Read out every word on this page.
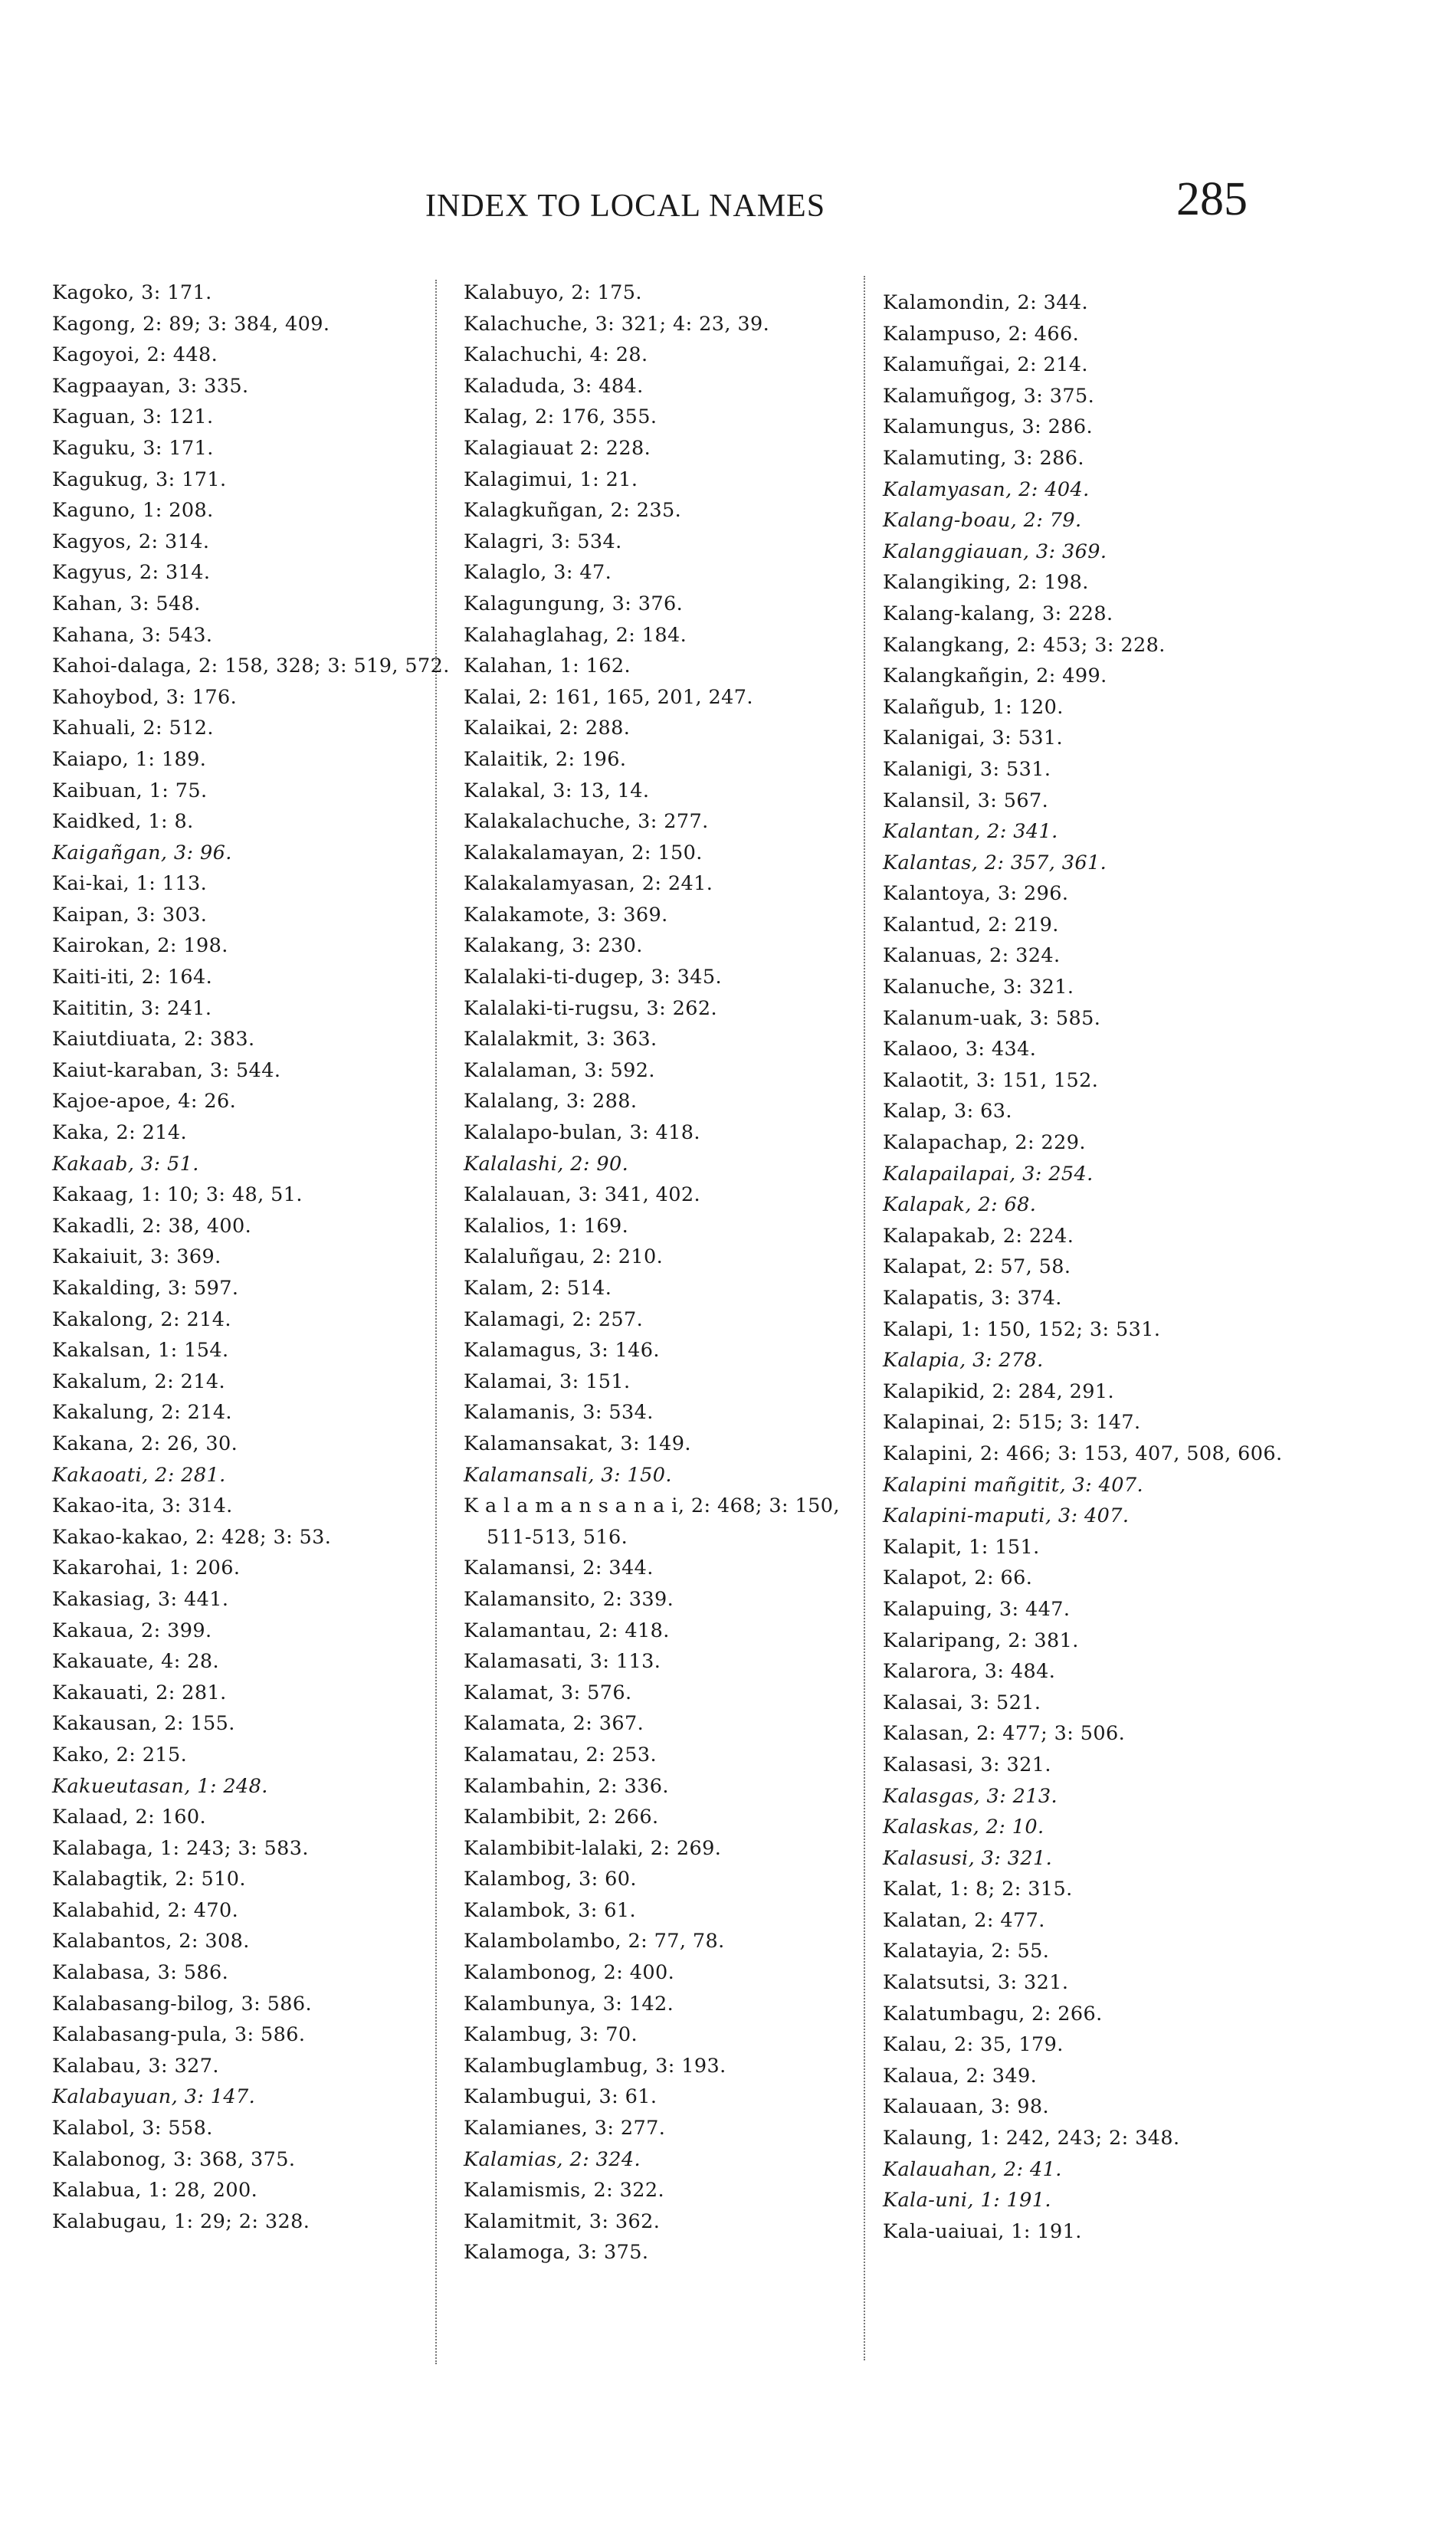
INDEX TO LOCAL NAMES	285
Kagoko, 3: 171.
Kagong, 2: 89; 3: 384, 409.
Kagoyoi, 2: 448.
Kagpaayan, 3: 335.
Kaguan, 3: 121.
Kaguku, 3: 171.
Kagukug, 3: 171.
Kaguno, 1: 208.
Kagyos, 2: 314.
Kagyus, 2: 314.
Kahan, 3: 548.
Kahana, 3: 543.
Kahoi-dalaga, 2: 158, 328; 3: 519, 572.
Kahoybod, 3: 176.
Kahuali, 2: 512.
Kaiapo, 1: 189.
Kaibuan, 1: 75.
Kaidked, 1: 8.
Kaigañgan, 3: 96.
Kai-kai, 1: 113.
Kaipan, 3: 303.
Kairokan, 2: 198.
Kaiti-iti, 2: 164.
Kaititin, 3: 241.
Kaiutdiuata, 2: 383.
Kaiut-karaban, 3: 544.
Kajoe-apoe, 4: 26.
Kaka, 2: 214.
Kakaab, 3: 51.
Kakaag, 1: 10; 3: 48, 51.
Kakadli, 2: 38, 400.
Kakaiuit, 3: 369.
Kakalding, 3: 597.
Kakalong, 2: 214.
Kakalsan, 1: 154.
Kakalum, 2: 214.
Kakalung, 2: 214.
Kakana, 2: 26, 30.
Kakaoati, 2: 281.
Kakao-ita, 3: 314.
Kakao-kakao, 2: 428; 3: 53.
Kakarohai, 1: 206.
Kakasiag, 3: 441.
Kakaua, 2: 399.
Kakauate, 4: 28.
Kakauati, 2: 281.
Kakausan, 2: 155.
Kako, 2: 215.
Kakueutasan, 1: 248.
Kalaad, 2: 160.
Kalabaga, 1: 243; 3: 583.
Kalabagtik, 2: 510.
Kalabahid, 2: 470.
Kalabantos, 2: 308.
Kalabasa, 3: 586.
Kalabasang-bilog, 3: 586.
Kalabasang-pula, 3: 586.
Kalabau, 3: 327.
Kalabayuan, 3: 147.
Kalabol, 3: 558.
Kalabonog, 3: 368, 375.
Kalabua, 1: 28, 200.
Kalabugau, 1: 29; 2: 328.
Kalabuyo, 2: 175.
Kalachuche, 3: 321; 4: 23, 39.
Kalachuchi, 4: 28.
Kaladuda, 3: 484.
Kalag, 2: 176, 355.
Kalagiauat 2: 228.
Kalagimui, 1: 21.
Kalagkuñgan, 2: 235.
Kalagri, 3: 534.
Kalaglo, 3: 47.
Kalagungung, 3: 376.
Kalahaglahag, 2: 184.
Kalahan, 1: 162.
Kalai, 2: 161, 165, 201, 247.
Kalaikai, 2: 288.
Kalaitik, 2: 196.
Kalakal, 3: 13, 14.
Kalakalachuche, 3: 277.
Kalakalamayan, 2: 150.
Kalakalamyasan, 2: 241.
Kalakamote, 3: 369.
Kalakang, 3: 230.
Kalalaki-ti-dugep, 3: 345.
Kalalaki-ti-rugsu, 3: 262.
Kalalakmit, 3: 363.
Kalalaman, 3: 592.
Kalalang, 3: 288.
Kalalapo-bulan, 3: 418.
Kalalashi, 2: 90.
Kalalauan, 3: 341, 402.
Kalalios, 1: 169.
Kalaluñgau, 2: 210.
Kalam, 2: 514.
Kalamagi, 2: 257.
Kalamagus, 3: 146.
Kalamai, 3: 151.
Kalamanis, 3: 534.
Kalamansakat, 3: 149.
Kalamansali, 3: 150.
K a l a m a n s a n a i, 2: 468; 3: 150, 511-513, 516.
Kalamansi, 2: 344.
Kalamansito, 2: 339.
Kalamantau, 2: 418.
Kalamasati, 3: 113.
Kalamat, 3: 576.
Kalamata, 2: 367.
Kalamatau, 2: 253.
Kalambahin, 2: 336.
Kalambibit, 2: 266.
Kalambibit-lalaki, 2: 269.
Kalambog, 3: 60.
Kalambok, 3: 61.
Kalambolambo, 2: 77, 78.
Kalambonog, 2: 400.
Kalambunya, 3: 142.
Kalambug, 3: 70.
Kalambuglambug, 3: 193.
Kalambugui, 3: 61.
Kalamianes, 3: 277.
Kalamias, 2: 324.
Kalamismis, 2: 322.
Kalamitmit, 3: 362.
Kalamoga, 3: 375.
Kalamondin, 2: 344.
Kalampuso, 2: 466.
Kalamuñgai, 2: 214.
Kalamuñgog, 3: 375.
Kalamungus, 3: 286.
Kalamuting, 3: 286.
Kalamyasan, 2: 404.
Kalang-boau, 2: 79.
Kalanggiauan, 3: 369.
Kalangiking, 2: 198.
Kalang-kalang, 3: 228.
Kalangkang, 2: 453; 3: 228.
Kalangkañgin, 2: 499.
Kalañgub, 1: 120.
Kalanigai, 3: 531.
Kalanigi, 3: 531.
Kalansil, 3: 567.
Kalantan, 2: 341.
Kalantas, 2: 357, 361.
Kalantoya, 3: 296.
Kalantud, 2: 219.
Kalanuas, 2: 324.
Kalanuche, 3: 321.
Kalanum-uak, 3: 585.
Kalaoo, 3: 434.
Kalaotit, 3: 151, 152.
Kalap, 3: 63.
Kalapachap, 2: 229.
Kalapailapai, 3: 254.
Kalapak, 2: 68.
Kalapakab, 2: 224.
Kalapat, 2: 57, 58.
Kalapatis, 3: 374.
Kalapi, 1: 150, 152; 3: 531.
Kalapia, 3: 278.
Kalapikid, 2: 284, 291.
Kalapinai, 2: 515; 3: 147.
Kalapini, 2: 466; 3: 153, 407, 508, 606.
Kalapini mañgitit, 3: 407.
Kalapini-maputi, 3: 407.
Kalapit, 1: 151.
Kalapot, 2: 66.
Kalapuing, 3: 447.
Kalaripang, 2: 381.
Kalarora, 3: 484.
Kalasai, 3: 521.
Kalasan, 2: 477; 3: 506.
Kalasasi, 3: 321.
Kalasgas, 3: 213.
Kalaskas, 2: 10.
Kalasusi, 3: 321.
Kalat, 1: 8; 2: 315.
Kalatan, 2: 477.
Kalatayia, 2: 55.
Kalatsutsi, 3: 321.
Kalatumbagu, 2: 266.
Kalau, 2: 35, 179.
Kalaua, 2: 349.
Kalauaan, 3: 98.
Kalaung, 1: 242, 243; 2: 348.
Kalauahan, 2: 41.
Kala-uni, 1: 191.
Kala-uaiuai, 1: 191.
